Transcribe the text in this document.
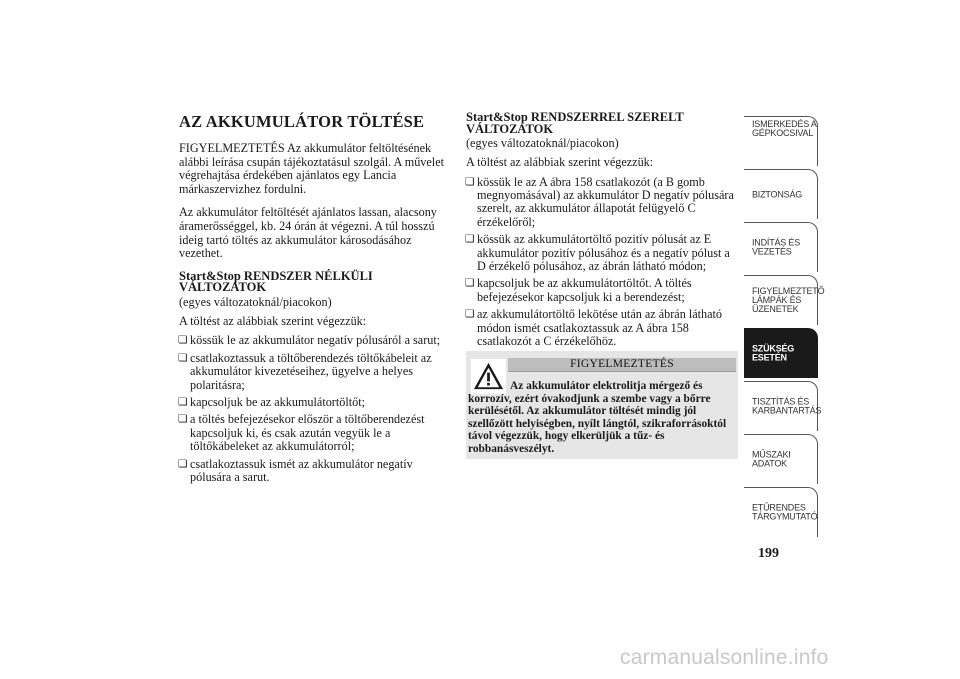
AZ AKKUMULÁTOR TÖLTÉSE

FIGYELMEZTETÉS Az akkumulátor feltöltésének alábbi leírása csupán tájékoztatásul szolgál. A művelet végrehajtása érdekében ajánlatos egy Lancia márkaszervizhez fordulni.

Az akkumulátor feltöltését ajánlatos lassan, alacsony áramerősséggel, kb. 24 órán át végezni. A túl hosszú ideig tartó töltés az akkumulátor károsodásához vezethet.

Start&Stop RENDSZER NÉLKÜLI VÁLTOZATOK
(egyes változatoknál/piacokon)

A töltést az alábbiak szerint végezzük:

❏ kössük le az akkumulátor negatív pólusáról a sarut;
❏ csatlakoztassuk a töltőberendezés töltőkábeleit az akkumulátor kivezetéseihez, ügyelve a helyes polaritásra;
❏ kapcsoljuk be az akkumulátortöltőt;
❏ a töltés befejezésekor először a töltőberendezést kapcsoljuk ki, és csak azután vegyük le a töltőkábeleket az akkumulátorról;
❏ csatlakoztassuk ismét az akkumulátor negatív pólusára a sarut.
Start&Stop RENDSZERREL SZERELT VÁLTOZATOK
(egyes változatoknál/piacokon)

A töltést az alábbiak szerint végezzük:

❏ kössük le az A ábra 158 csatlakozót (a B gomb megnyomásával) az akkumulátor D negatív pólusára szerelt, az akkumulátor állapotát felügyelő C érzékelőről;
❏ kössük az akkumulátortöltő pozitív pólusát az E akkumulátor pozitív pólusához és a negatív pólust a D érzékelő pólusához, az ábrán látható módon;
❏ kapcsoljuk be az akkumulátortöltőt. A töltés befejezésekor kapcsoljuk ki a berendezést;
❏ az akkumulátortöltő lekötése után az ábrán látható módon ismét csatlakoztassuk az A ábra 158 csatlakozót a C érzékelőhöz.
FIGYELMEZTETÉS
Az akkumulátor elektrolitja mérgező és korrozív, ezért óvakodjunk a szembe vagy a bőrre kerülésétől. Az akkumulátor töltését mindig jól szellőzött helyiségben, nyílt lángtól, szikraforrásoktól távol végezzük, hogy elkerüljük a tűz- és robbanásveszélyt.
ISMERKEDÉS A GÉPKOCSIVAL
BIZTONSÁG
INDÍTÁS ÉS VEZETÉS
FIGYELMEZTETŐ LÁMPÁK ÉS ÜZENETEK
SZÜKSÉG ESETÉN
TISZTÍTÁS ÉS KARBANTARTÁS
MŰSZAKI ADATOK
ETŰRENDES TÁRGYMUTATÓ
199
carmanualsonline.info
